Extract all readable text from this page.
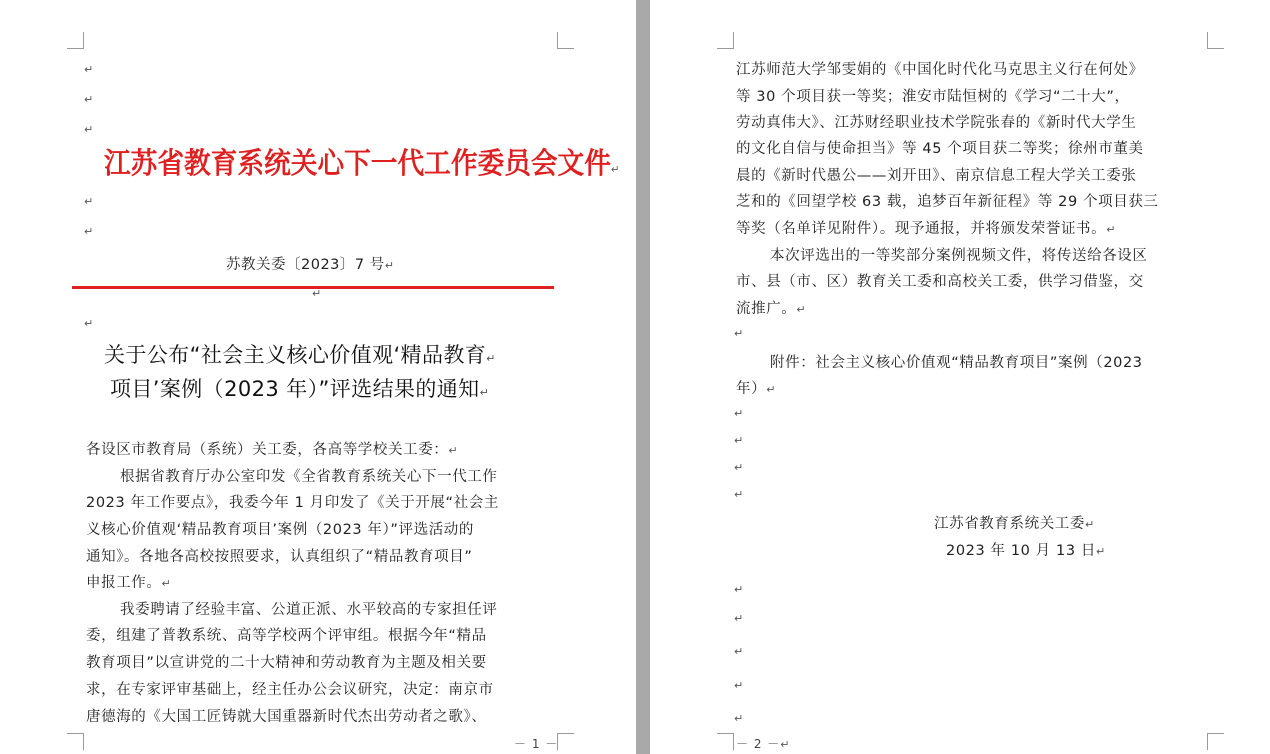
↵
↵
↵
江苏省教育系统关心下一代工作委员会文件↵
↵
↵
苏教关委〔2023〕7 号↵
↵
↵
关于公布“社会主义核心价值观‘精品教育↵
项目’案例（2023 年）”评选结果的通知↵
各设区市教育局（系统）关工委，各高等学校关工委：↵
根据省教育厅办公室印发《全省教育系统关心下一代工作
2023 年工作要点》，我委今年 1 月印发了《关于开展“社会主
义核心价值观‘精品教育项目’案例（2023 年）”评选活动的
通知》。各地各高校按照要求，认真组织了“精品教育项目”
申报工作。↵
我委聘请了经验丰富、公道正派、水平较高的专家担任评
委，组建了普教系统、高等学校两个评审组。根据今年“精品
教育项目”以宣讲党的二十大精神和劳动教育为主题及相关要
求，在专家评审基础上，经主任办公会议研究，决定：南京市
唐德海的《大国工匠铸就大国重器新时代杰出劳动者之歌》、
－ 1 －
江苏师范大学邹雯娟的《中国化时代化马克思主义行在何处》
等 30 个项目获一等奖；淮安市陆恒树的《学习“二十大”，
劳动真伟大》、江苏财经职业技术学院张春的《新时代大学生
的文化自信与使命担当》等 45 个项目获二等奖；徐州市董美
晨的《新时代愚公——刘开田》、南京信息工程大学关工委张
芝和的《回望学校 63 载，追梦百年新征程》等 29 个项目获三
等奖（名单详见附件）。现予通报，并将颁发荣誉证书。↵
本次评选出的一等奖部分案例视频文件，将传送给各设区
市、县（市、区）教育关工委和高校关工委，供学习借鉴，交
流推广。↵
↵
附件：社会主义核心价值观“精品教育项目”案例（2023
年）↵
↵
↵
↵
↵
江苏省教育系统关工委↵
2023 年 10 月 13 日↵
↵
↵
↵
↵
↵
－ 2 －↵
